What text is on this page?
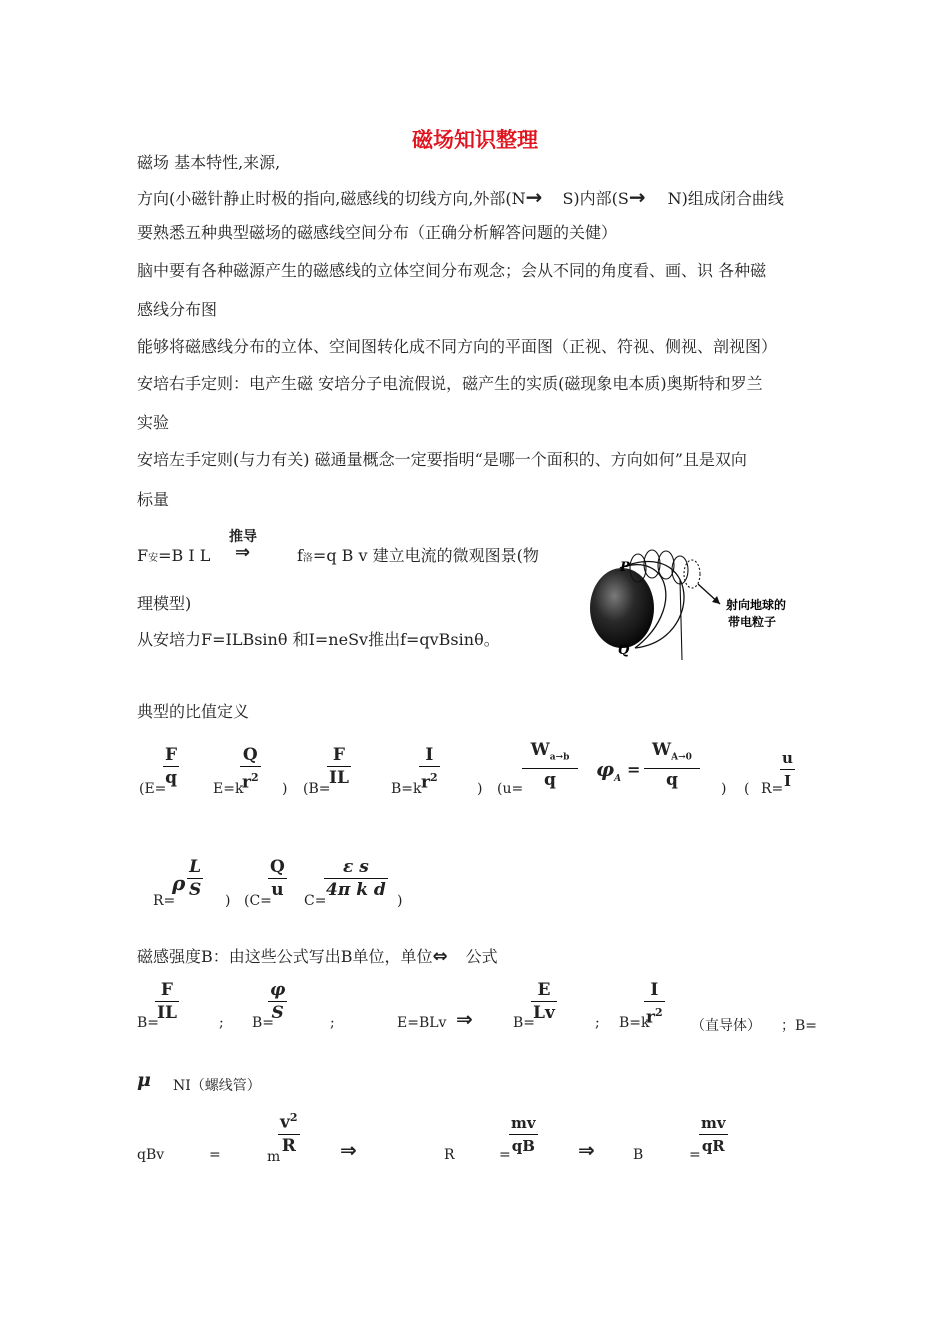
磁场知识整理
磁场 基本特性,来源,
方向(小磁针静止时极的指向,磁感线的切线方向,外部(N→ S)内部(S→ N)组成闭合曲线
要熟悉五种典型磁场的磁感线空间分布（正确分析解答问题的关健）
脑中要有各种磁源产生的磁感线的立体空间分布观念；会从不同的角度看、画、识 各种磁
感线分布图
能够将磁感线分布的立体、空间图转化成不同方向的平面图（正视、符视、侧视、剖视图）
安培右手定则：电产生磁 安培分子电流假说，磁产生的实质(磁现象电本质)奥斯特和罗兰
实验
安培左手定则(与力有关) 磁通量概念一定要指明“是哪一个面积的、方向如何”且是双向
标量
F安=B I L
推导
⇒	f洛=q B v 建立电流的微观图景(物
理模型)
从安培力F=ILBsinθ 和I=neSv推出f=qvBsinθ。
P
Q
射向地球的
带电粒子
典型的比值定义
(E=
F
q
E=k
Q
$r^2$
) (B=
F
IL
B=k
I
$r^2$
) (u=
$W_{a\to b}$
q $\varphi_A$ =
$W_{A\to 0}$
q	) ( R=
u
I
R=
ρ
L
S
) (C=
Q
u
C=
ε s
4π k d
)
磁感强度B：由这些公式写出B单位，单位⇔ 公式
B=
F
IL	; B=
φ
S	;	E=BLv ⇒	B=
E
Lv	; B=k
I
$r^2$
（直导体） ；B=
μ NI（螺线管）
qBv	=	m
$v^2$
R ⇒	R	=
mv
qB ⇒	B	=
mv
qR
